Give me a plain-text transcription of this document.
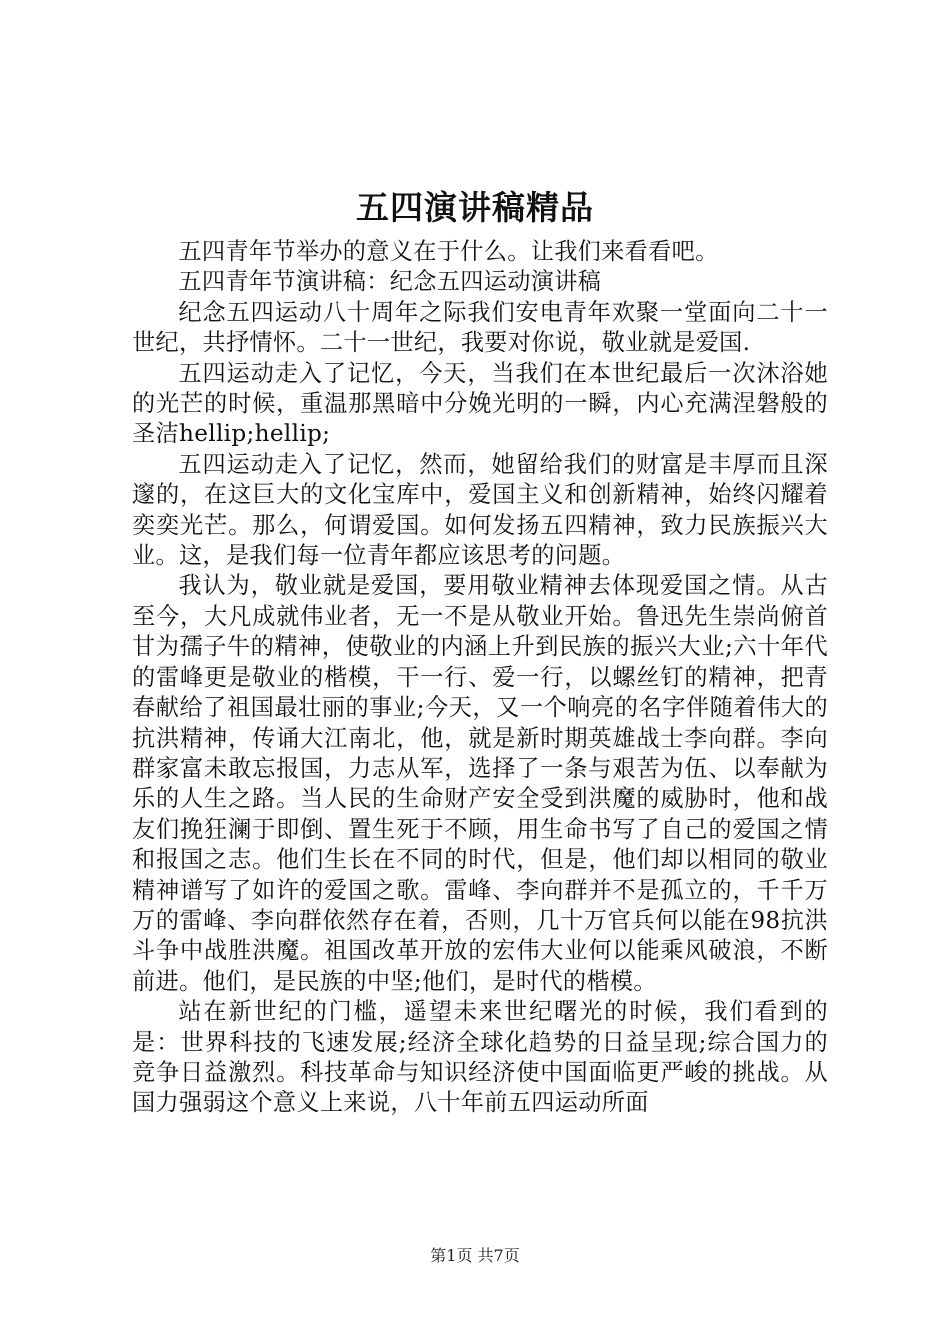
五四演讲稿精品

五四青年节举办的意义在于什么。让我们来看看吧。

五四青年节演讲稿：纪念五四运动演讲稿

纪念五四运动八十周年之际我们安电青年欢聚一堂面向二十一世纪，共抒情怀。二十一世纪，我要对你说，敬业就是爱国.

五四运动走入了记忆，今天，当我们在本世纪最后一次沐浴她的光芒的时候，重温那黑暗中分娩光明的一瞬，内心充满涅磐般的圣洁hellip;hellip;

五四运动走入了记忆，然而，她留给我们的财富是丰厚而且深邃的，在这巨大的文化宝库中，爱国主义和创新精神，始终闪耀着奕奕光芒。那么，何谓爱国。如何发扬五四精神，致力民族振兴大业。这，是我们每一位青年都应该思考的问题。

我认为，敬业就是爱国，要用敬业精神去体现爱国之情。从古至今，大凡成就伟业者，无一不是从敬业开始。鲁迅先生崇尚俯首甘为孺子牛的精神，使敬业的内涵上升到民族的振兴大业;六十年代的雷峰更是敬业的楷模，干一行、爱一行，以螺丝钉的精神，把青春献给了祖国最壮丽的事业;今天，又一个响亮的名字伴随着伟大的抗洪精神，传诵大江南北，他，就是新时期英雄战士李向群。李向群家富未敢忘报国，力志从军，选择了一条与艰苦为伍、以奉献为乐的人生之路。当人民的生命财产安全受到洪魔的威胁时，他和战友们挽狂澜于即倒、置生死于不顾，用生命书写了自己的爱国之情和报国之志。他们生长在不同的时代，但是，他们却以相同的敬业精神谱写了如许的爱国之歌。雷峰、李向群并不是孤立的，千千万万的雷峰、李向群依然存在着，否则，几十万官兵何以能在98抗洪斗争中战胜洪魔。祖国改革开放的宏伟大业何以能乘风破浪，不断前进。他们，是民族的中坚;他们，是时代的楷模。

站在新世纪的门槛，遥望未来世纪曙光的时候，我们看到的是：世界科技的飞速发展;经济全球化趋势的日益呈现;综合国力的竞争日益激烈。科技革命与知识经济使中国面临更严峻的挑战。从国力强弱这个意义上来说，八十年前五四运动所面

第1页 共7页
